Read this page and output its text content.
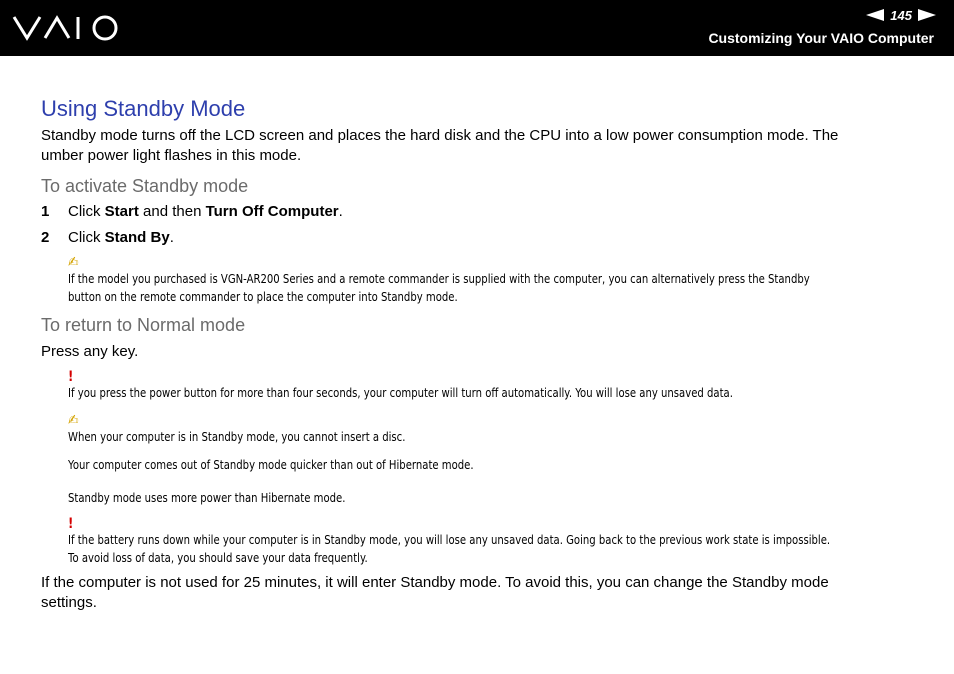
145
Customizing Your VAIO Computer
Using Standby Mode

Standby mode turns off the LCD screen and places the hard disk and the CPU into a low power consumption mode. The
umber power light flashes in this mode.

To activate Standby mode
1	Click Start and then Turn Off Computer.
2	Click Stand By.
✍
If the model you purchased is VGN-AR200 Series and a remote commander is supplied with the computer, you can alternatively press the Standby
button on the remote commander to place the computer into Standby mode.
To return to Normal mode

Press any key.

!
If you press the power button for more than four seconds, your computer will turn off automatically. You will lose any unsaved data.
✍
When your computer is in Standby mode, you cannot insert a disc.
Your computer comes out of Standby mode quicker than out of Hibernate mode.
Standby mode uses more power than Hibernate mode.
!
If the battery runs down while your computer is in Standby mode, you will lose any unsaved data. Going back to the previous work state is impossible.
To avoid loss of data, you should save your data frequently.

If the computer is not used for 25 minutes, it will enter Standby mode. To avoid this, you can change the Standby mode
settings.
